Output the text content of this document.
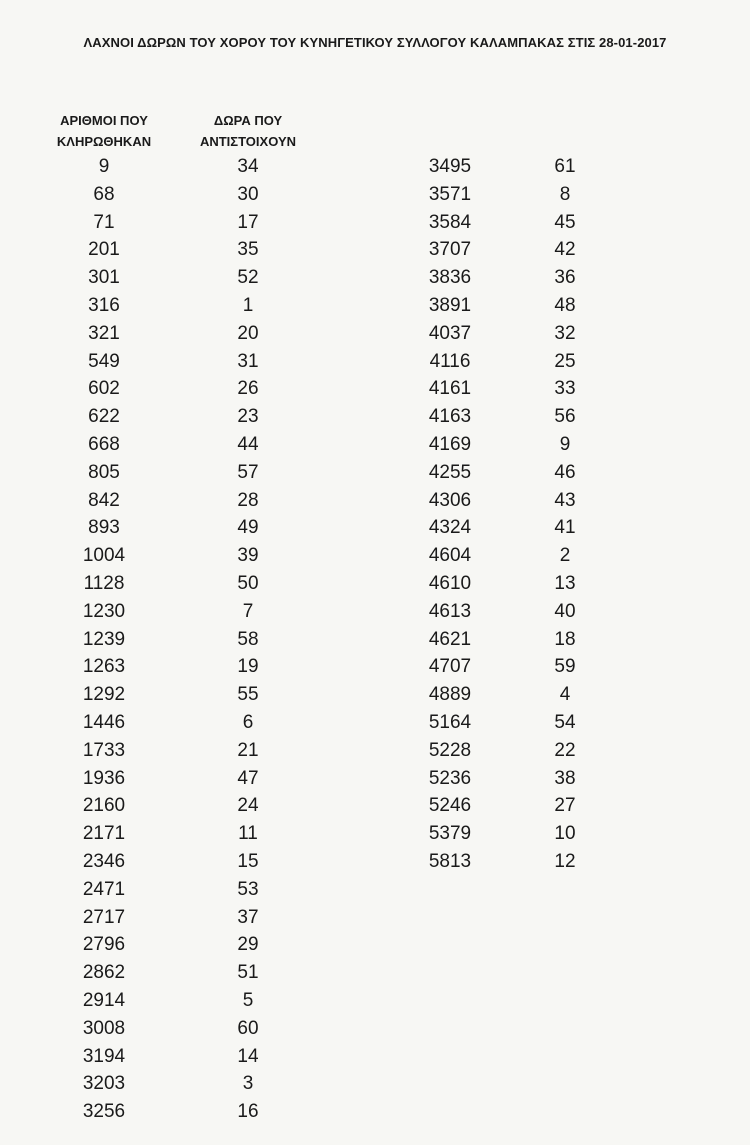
ΛΑΧΝΟΙ ΔΩΡΩΝ ΤΟΥ ΧΟΡΟΥ ΤΟΥ ΚΥΝΗΓΕΤΙΚΟΥ ΣΥΛΛΟΓΟΥ ΚΑΛΑΜΠΑΚΑΣ ΣΤΙΣ 28-01-2017
ΑΡΙΘΜΟΙ ΠΟΥ
ΚΛΗΡΩΘΗΚΑΝ
ΔΩΡΑ ΠΟΥ
ΑΝΤΙΣΤΟΙΧΟΥΝ
9
68
71
201
301
316
321
549
602
622
668
805
842
893
1004
1128
1230
1239
1263
1292
1446
1733
1936
2160
2171
2346
2471
2717
2796
2862
2914
3008
3194
3203
3256
34
30
17
35
52
1
20
31
26
23
44
57
28
49
39
50
7
58
19
55
6
21
47
24
11
15
53
37
29
51
5
60
14
3
16
3495
3571
3584
3707
3836
3891
4037
4116
4161
4163
4169
4255
4306
4324
4604
4610
4613
4621
4707
4889
5164
5228
5236
5246
5379
5813
61
8
45
42
36
48
32
25
33
56
9
46
43
41
2
13
40
18
59
4
54
22
38
27
10
12
